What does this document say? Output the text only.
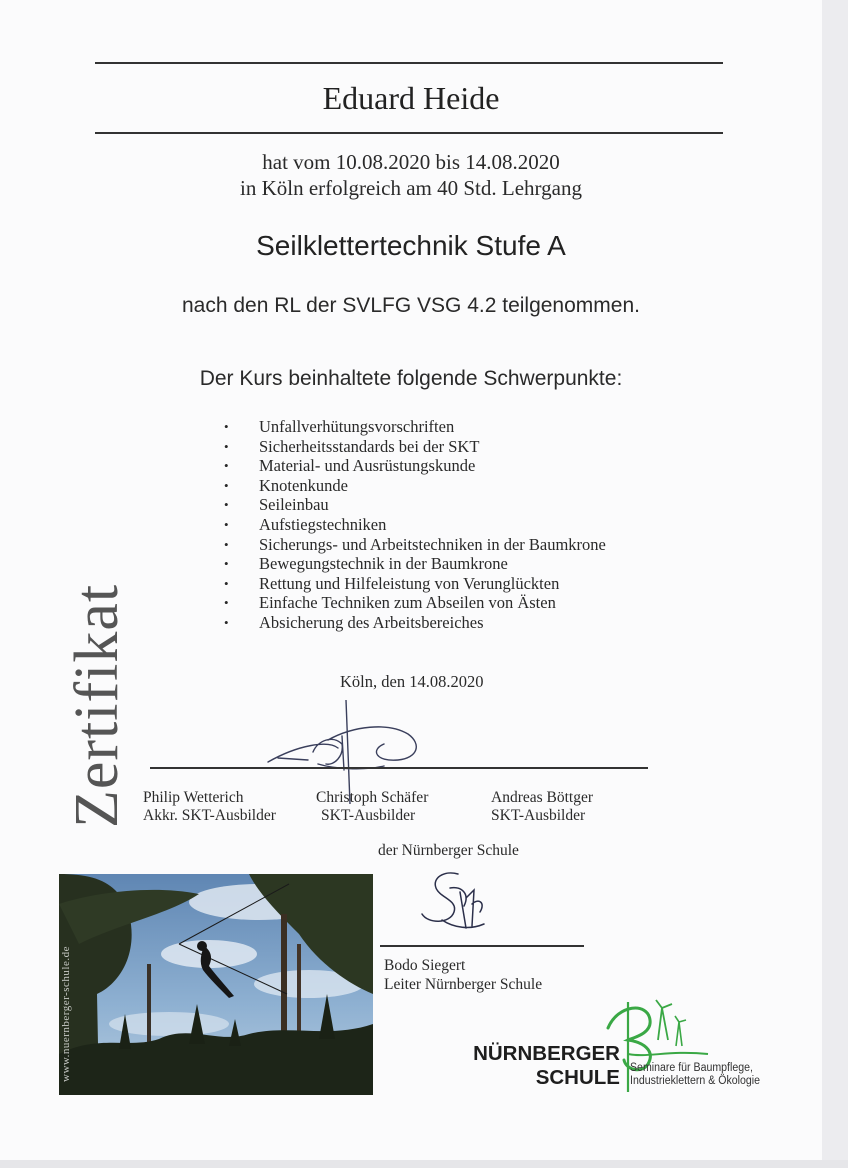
Eduard Heide
hat vom 10.08.2020 bis 14.08.2020
in Köln erfolgreich am 40 Std. Lehrgang
Seilklettertechnik Stufe A
nach den RL der SVLFG VSG 4.2 teilgenommen.
Der Kurs beinhaltete folgende Schwerpunkte:
• Unfallverhütungsvorschriften
• Sicherheitsstandards bei der SKT
• Material- und Ausrüstungskunde
• Knotenkunde
• Seileinbau
• Aufstiegstechniken
• Sicherungs- und Arbeitstechniken in der Baumkrone
• Bewegungstechnik in der Baumkrone
• Rettung und Hilfeleistung von Verunglückten
• Einfache Techniken zum Abseilen von Ästen
• Absicherung des Arbeitsbereiches
Zertifikat	Köln, den 14.08.2020
Philip Wetterich
Akkr. SKT-Ausbilder
Christoph Schäfer
SKT-Ausbilder
Andreas Böttger
SKT-Ausbilder
der Nürnberger Schule
Bodo Siegert
Leiter Nürnberger Schule
www.nuernberger-schule.de	NÜRNBERGER
SCHULE Seminare für Baumpflege,
Industrieklettern & Ökologie
